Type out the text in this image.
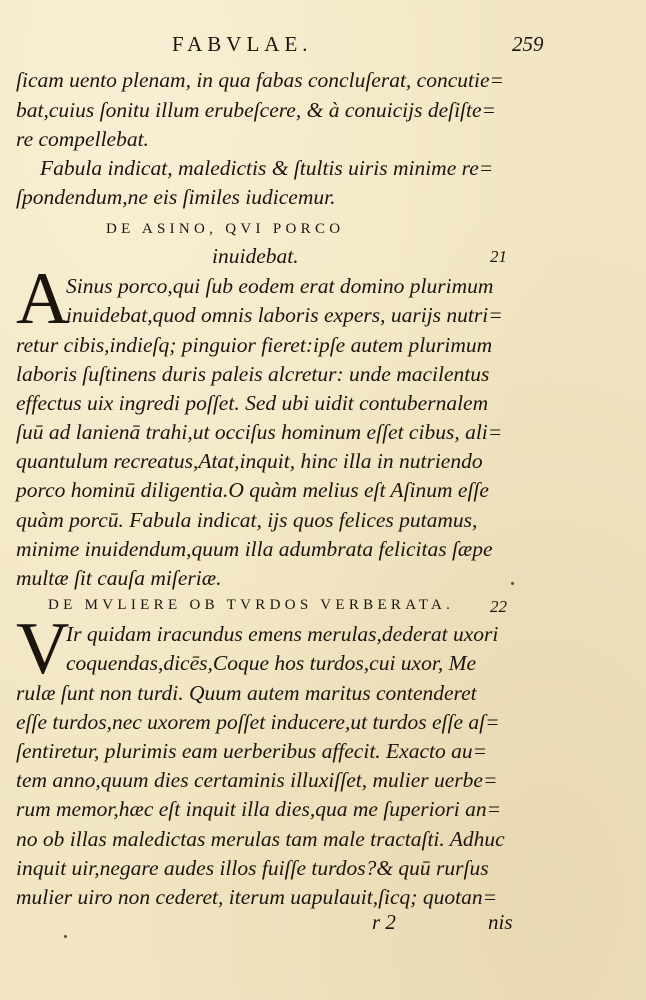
FABVLAE.	259
ſicam uento plenam, in qua fabas concluſerat, concutie=
bat,cuius ſonitu illum erubeſcere, & à conuicijs deſiſte=
re compellebat.
Fabula indicat, maledictis & ſtultis uiris minime re=
ſpondendum,ne eis ſimiles iudicemur.
DE ASINO, QVI PORCO
inuidebat.	21
A
Sinus porco,qui ſub eodem erat domino plurimum
inuidebat,quod omnis laboris expers, uarijs nutri=
retur cibis,indieſq; pinguior fieret:ipſe autem plurimum
laboris ſuſtinens duris paleis alcretur: unde macilentus
effectus uix ingredi poſſet. Sed ubi uidit contubernalem
ſuū ad lanienā trahi,ut occiſus hominum eſſet cibus, ali=
quantulum recreatus,Atat,inquit, hinc illa in nutriendo
porco hominū diligentia.O quàm melius eſt Aſinum eſſe
quàm porcū. Fabula indicat, ijs quos felices putamus,
minime inuidendum,quum illa adumbrata felicitas ſæpe
multæ ſit cauſa miſeriæ.
DE MVLIERE OB TVRDOS VERBERATA. 22
V
Ir quidam iracundus emens merulas,dederat uxori
coquendas,dicēs,Coque hos turdos,cui uxor, Me
rulæ ſunt non turdi. Quum autem maritus contenderet
eſſe turdos,nec uxorem poſſet inducere,ut turdos eſſe aſ=
ſentiretur, plurimis eam uerberibus affecit. Exacto au=
tem anno,quum dies certaminis illuxiſſet, mulier uerbe=
rum memor,hæc eſt inquit illa dies,qua me ſuperiori an=
no ob illas maledictas merulas tam male tractaſti. Adhuc
inquit uir,negare audes illos fuiſſe turdos?& quū rurſus
mulier uiro non cederet, iterum uapulauit,ſicq; quotan=
r 2	nis
